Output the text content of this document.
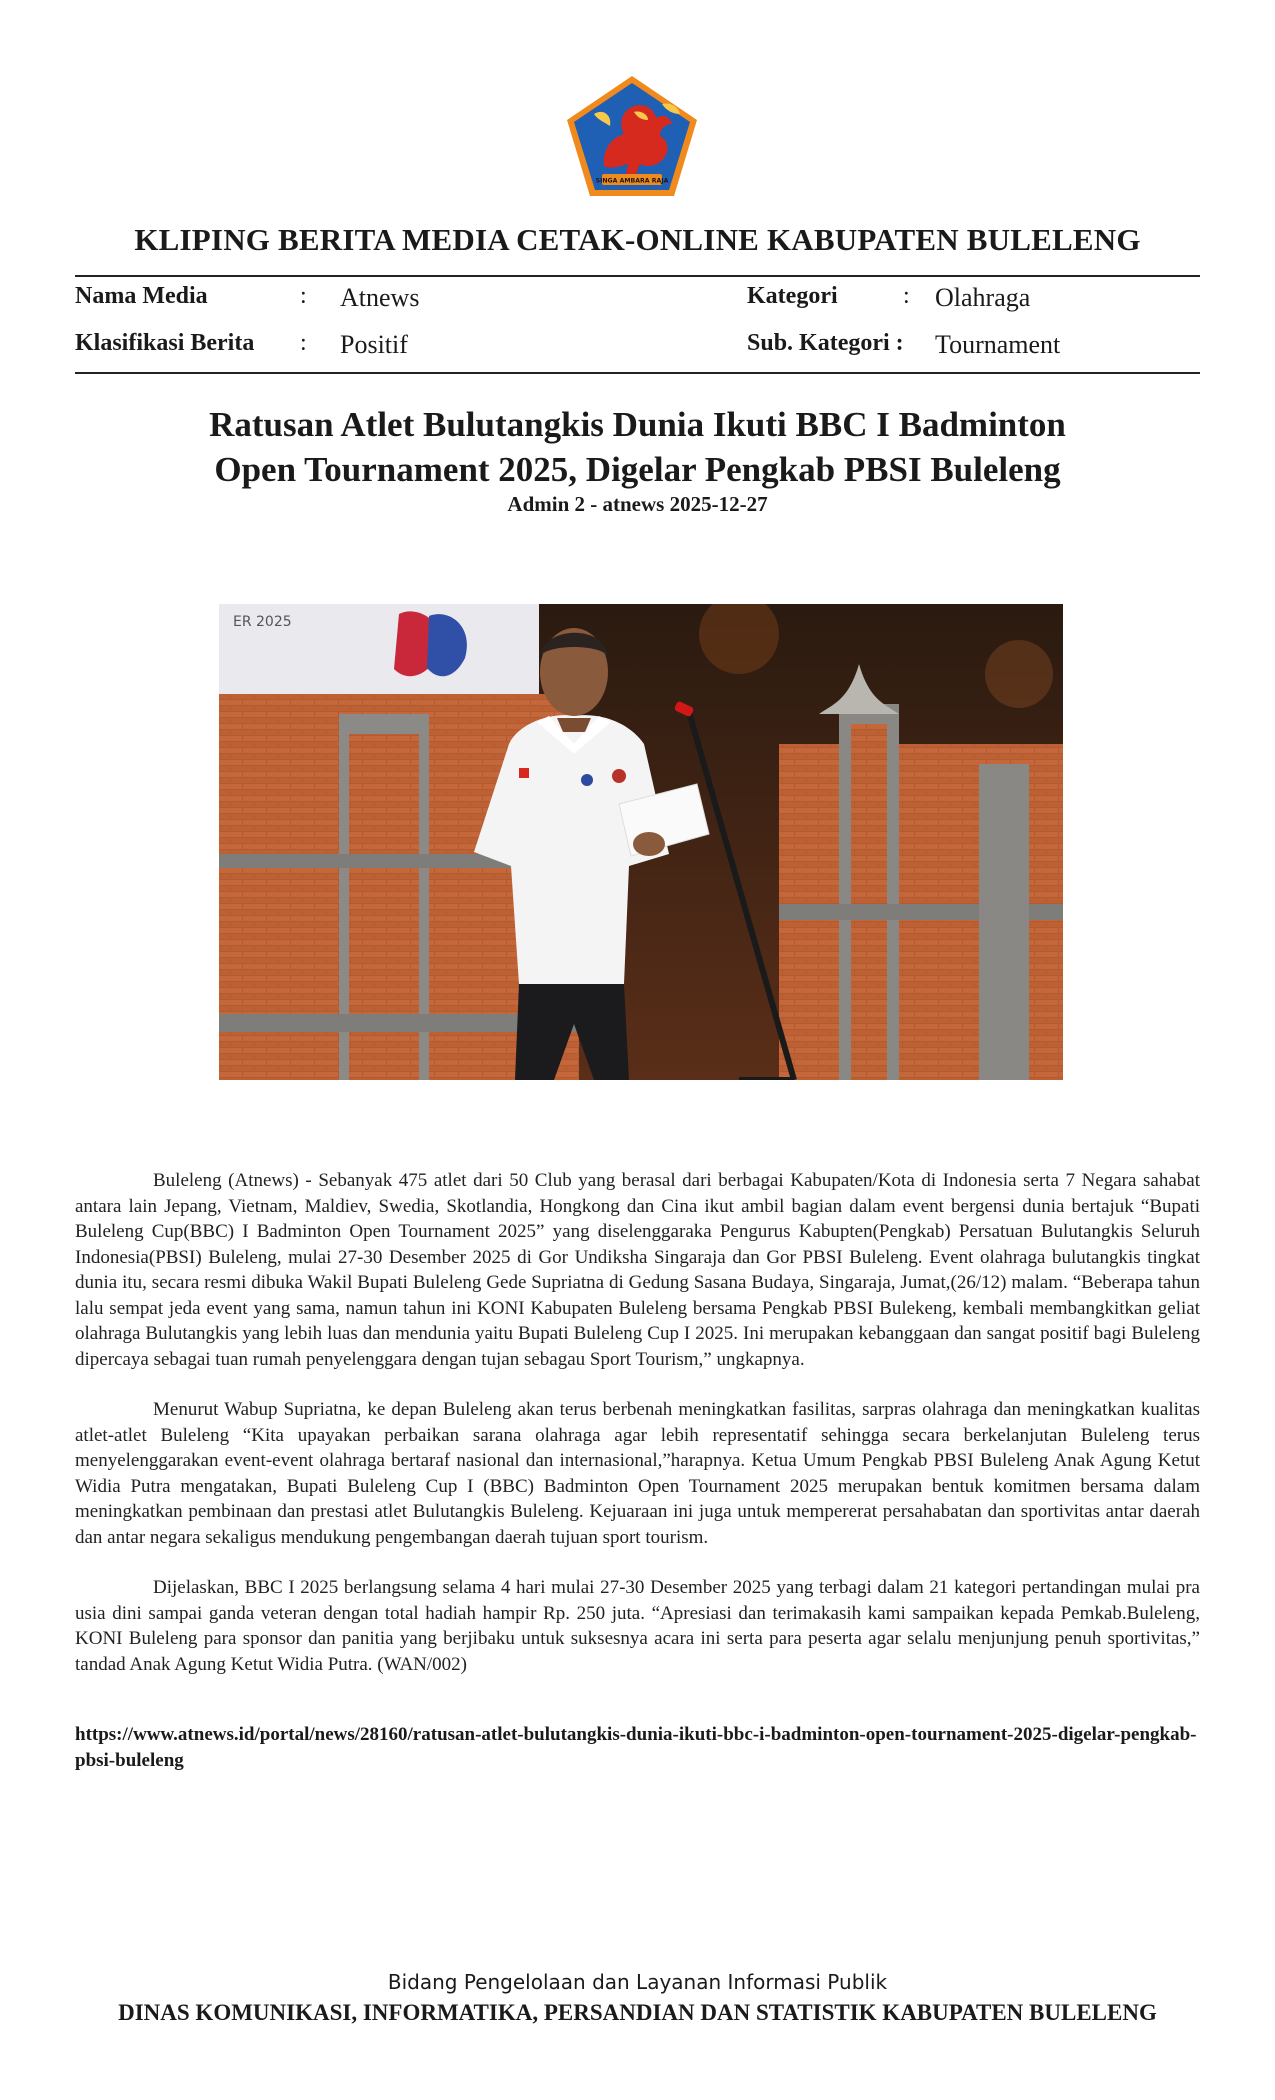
SINGA AMBARA RAJA
KLIPING BERITA MEDIA CETAK-ONLINE KABUPATEN BULELENG
Nama Media	: Atnews	Kategori	: Olahraga
Klasifikasi Berita : Positif	Sub. Kategori : Tournament
Ratusan Atlet Bulutangkis Dunia Ikuti BBC I Badminton
Open Tournament 2025, Digelar Pengkab PBSI Buleleng
Admin 2 - atnews 2025-12-27
ER 2025

Buleleng (Atnews) - Sebanyak 475 atlet dari 50 Club yang berasal dari berbagai Kabupaten/Kota di Indonesia serta 7 Negara sahabat antara lain Jepang, Vietnam, Maldiev, Swedia, Skotlandia, Hongkong dan Cina ikut ambil bagian dalam event bergensi dunia bertajuk “Bupati Buleleng Cup(BBC) I Badminton Open Tournament 2025” yang diselenggaraka Pengurus Kabupten(Pengkab) Persatuan Bulutangkis Seluruh Indonesia(PBSI) Buleleng, mulai 27-30 Desember 2025 di Gor Undiksha Singaraja dan Gor PBSI Buleleng. Event olahraga bulutangkis tingkat dunia itu, secara resmi dibuka Wakil Bupati Buleleng Gede Supriatna di Gedung Sasana Budaya, Singaraja, Jumat,(26/12) malam. “Beberapa tahun lalu sempat jeda event yang sama, namun tahun ini KONI Kabupaten Buleleng bersama Pengkab PBSI Bulekeng, kembali membangkitkan geliat olahraga Bulutangkis yang lebih luas dan mendunia yaitu Bupati Buleleng Cup I 2025. Ini merupakan kebanggaan dan sangat positif bagi Buleleng dipercaya sebagai tuan rumah penyelenggara dengan tujan sebagau Sport Tourism,” ungkapnya.

Menurut Wabup Supriatna, ke depan Buleleng akan terus berbenah meningkatkan fasilitas, sarpras olahraga dan meningkatkan kualitas atlet-atlet Buleleng “Kita upayakan perbaikan sarana olahraga agar lebih representatif sehingga secara berkelanjutan Buleleng terus menyelenggarakan event-event olahraga bertaraf nasional dan internasional,”harapnya. Ketua Umum Pengkab PBSI Buleleng Anak Agung Ketut Widia Putra mengatakan, Bupati Buleleng Cup I (BBC) Badminton Open Tournament 2025 merupakan bentuk komitmen bersama dalam meningkatkan pembinaan dan prestasi atlet Bulutangkis Buleleng. Kejuaraan ini juga untuk mempererat persahabatan dan sportivitas antar daerah dan antar negara sekaligus mendukung pengembangan daerah tujuan sport tourism.

Dijelaskan, BBC I 2025 berlangsung selama 4 hari mulai 27-30 Desember 2025 yang terbagi dalam 21 kategori pertandingan mulai pra usia dini sampai ganda veteran dengan total hadiah hampir Rp. 250 juta. “Apresiasi dan terimakasih kami sampaikan kepada Pemkab.Buleleng, KONI Buleleng para sponsor dan panitia yang berjibaku untuk suksesnya acara ini serta para peserta agar selalu menjunjung penuh sportivitas,” tandad Anak Agung Ketut Widia Putra. (WAN/002)

https://www.atnews.id/portal/news/28160/ratusan-atlet-bulutangkis-dunia-ikuti-bbc-i-badminton-open-tournament-2025-digelar-pengkab-pbsi-buleleng
Bidang Pengelolaan dan Layanan Informasi Publik
DINAS KOMUNIKASI, INFORMATIKA, PERSANDIAN DAN STATISTIK KABUPATEN BULELENG
